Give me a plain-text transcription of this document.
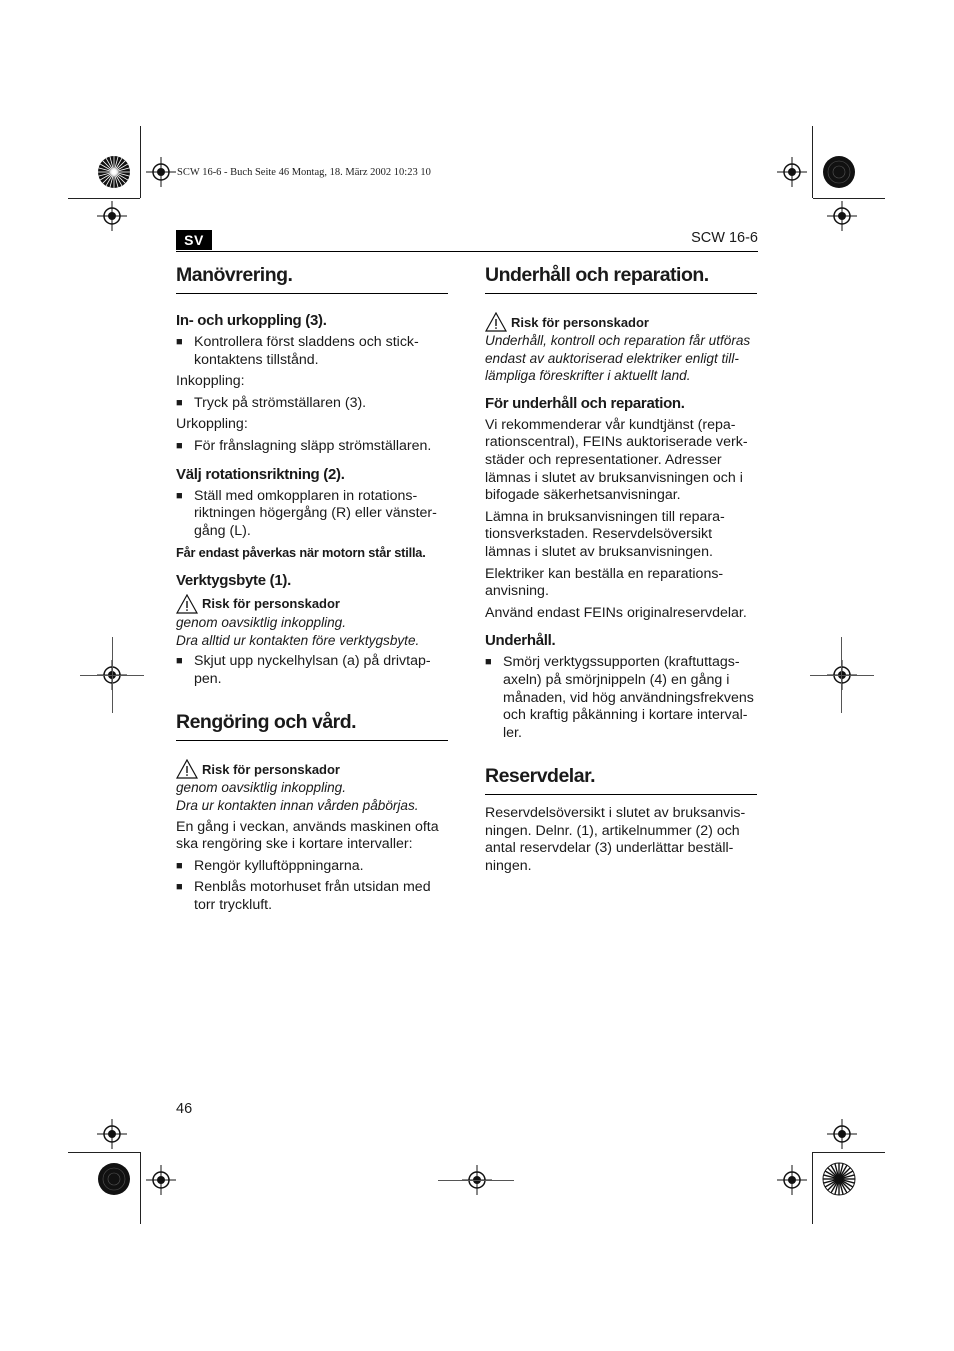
SCW 16-6 - Buch Seite 46 Montag, 18. März 2002 10:23 10
SV	SCW 16-6
Manövrering.
In- och urkoppling (3).
■ Kontrollera först sladdens och stick-kontaktens tillstånd.

Inkoppling:

■ Tryck på strömställaren (3).

Urkoppling:

■ För frånslagning släpp strömställaren.
Välj rotationsriktning (2).
■ Ställ med omkopplaren in rotations-riktningen högergång (R) eller vänster-gång (L).

Får endast påverkas när motorn står stilla.

Verktygsbyte (1).
Risk för personskador

genom oavsiktlig inkoppling.

Dra alltid ur kontakten före verktygsbyte.

■ Skjut upp nyckelhylsan (a) på drivtap-pen.
Rengöring och vård.
Risk för personskador

genom oavsiktlig inkoppling.

Dra ur kontakten innan vården påbörjas.

En gång i veckan, används maskinen ofta ska rengöring ske i kortare intervaller:

■ Rengör kylluftöppningarna.
■ Renblås motorhuset från utsidan med torr tryckluft.
Underhåll och reparation.
Risk för personskador

Underhåll, kontroll och reparation får utföras endast av auktoriserad elektriker enligt till-lämpliga föreskrifter i aktuellt land.

För underhåll och reparation.

Vi rekommenderar vår kundtjänst (repa-rationscentral), FEINs auktoriserade verk-städer och representationer. Adresser lämnas i slutet av bruksanvisningen och i bifogade säkerhetsanvisningar.

Lämna in bruksanvisningen till repara-tionsverkstaden. Reservdelsöversikt lämnas i slutet av bruksanvisningen.

Elektriker kan beställa en reparations-anvisning.

Använd endast FEINs originalreservdelar.

Underhåll.
■ Smörj verktygssupporten (kraftuttags-axeln) på smörjnippeln (4) en gång i månaden, vid hög användningsfrekvens och kraftig påkänning i kortare interval-ler.
Reservdelar.

Reservdelsöversikt i slutet av bruksanvis-ningen. Delnr. (1), artikelnummer (2) och antal reservdelar (3) underlättar beställ-ningen.

46
